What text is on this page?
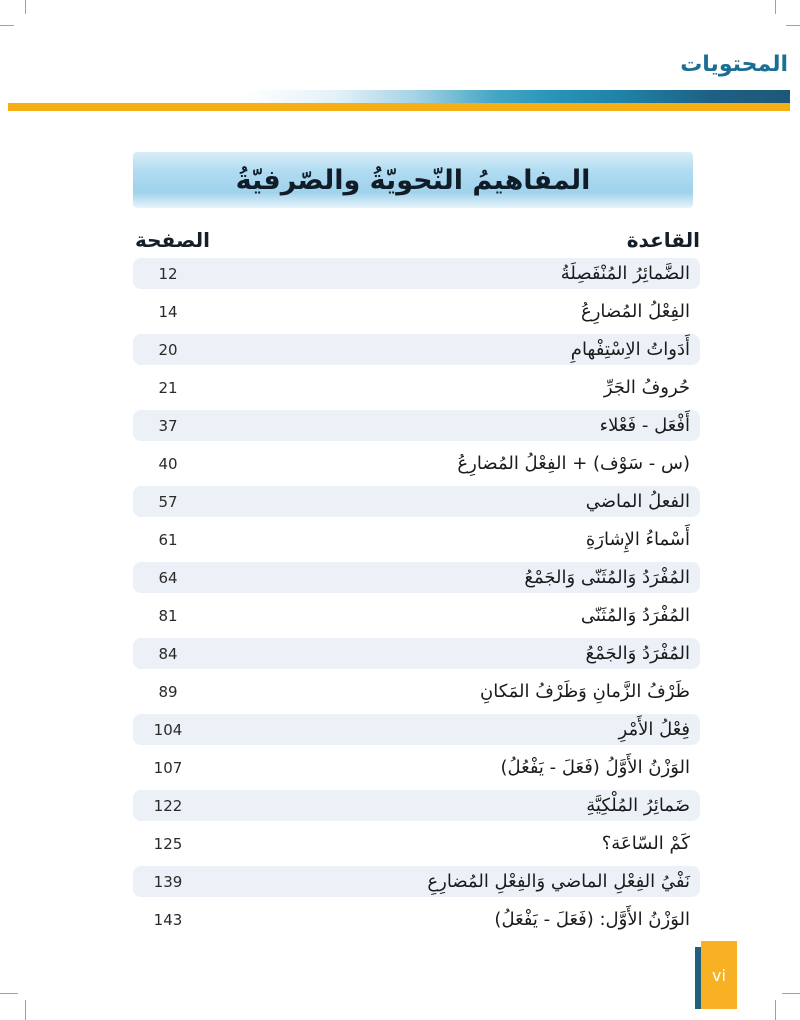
المحتويات
المفاهيمُ النّحويّةُ والصّرفيّةُ
الصفحة	القاعدة
12	الضَّمائِرُ المُنْفَصِلَةُ
14	الفِعْلُ المُضارِعُ
20	أَدَواتُ الاِسْتِفْهامِ
21	حُروفُ الجَرِّ
37	أَفْعَل - فَعْلاء
40	(س - سَوْف) + الفِعْلُ المُضارِعُ
57	الفعلُ الماضي
61	أَسْماءُ الإِشارَةِ
64	المُفْرَدُ وَالمُثَنّى وَالجَمْعُ
81	المُفْرَدُ وَالمُثَنّى
84	المُفْرَدُ وَالجَمْعُ
89	ظَرْفُ الزَّمانِ وَظَرْفُ المَكانِ
104	فِعْلُ الأَمْرِ
107	الوَزْنُ الأَوَّلُ (فَعَلَ - يَفْعُلُ)
122	ضَمائِرُ المُلْكِيَّةِ
125	كَمْ السّاعَة؟
139	نَفْيُ الفِعْلِ الماضي وَالفِعْلِ المُضارِعِ
143	الوَزْنُ الأَوَّل: (فَعَلَ - يَفْعَلُ)
vi
